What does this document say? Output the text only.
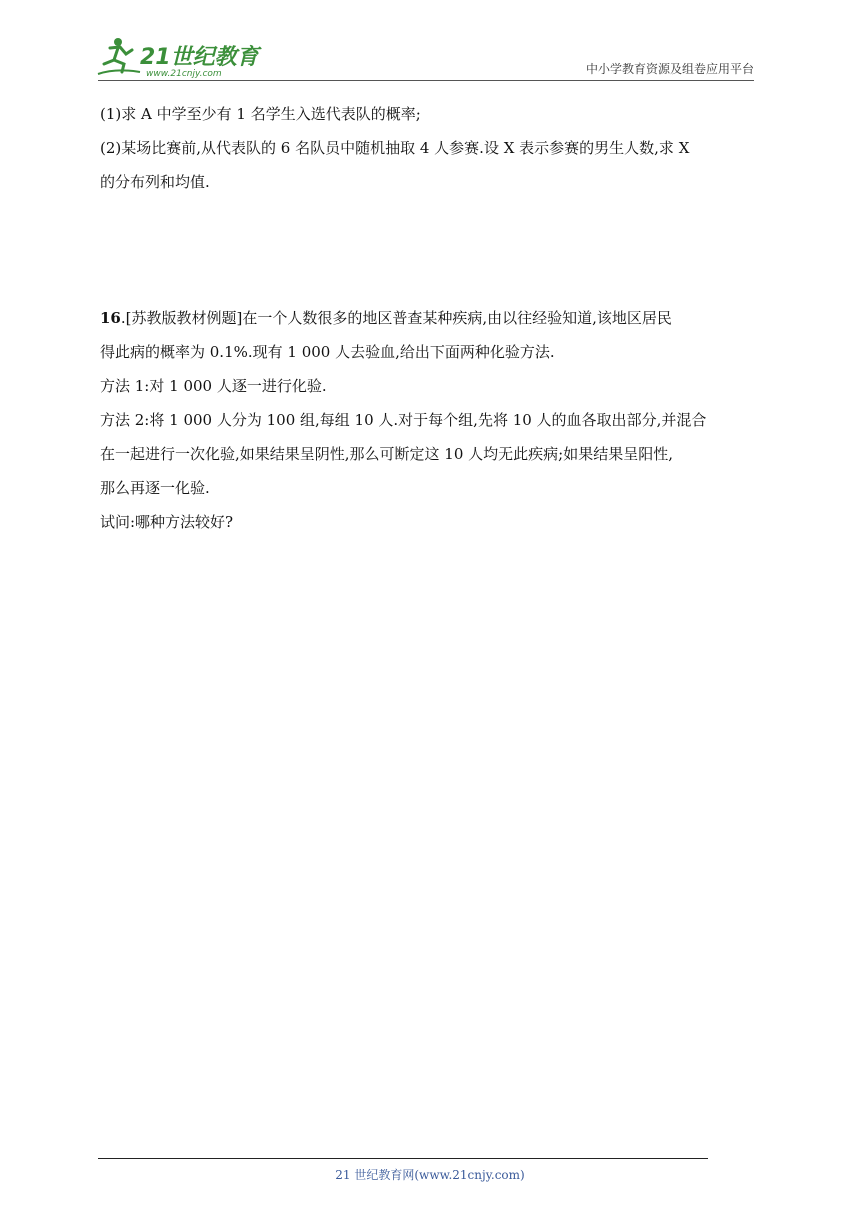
21世纪教育
www.21cnjy.com	中小学教育资源及组卷应用平台
(1)求 A 中学至少有 1 名学生入选代表队的概率;
(2)某场比赛前,从代表队的 6 名队员中随机抽取 4 人参赛.设 X 表示参赛的男生人数,求 X
的分布列和均值.
16.[苏教版教材例题]在一个人数很多的地区普查某种疾病,由以往经验知道,该地区居民
得此病的概率为 0.1%.现有 1 000 人去验血,给出下面两种化验方法.
方法 1:对 1 000 人逐一进行化验.
方法 2:将 1 000 人分为 100 组,每组 10 人.对于每个组,先将 10 人的血各取出部分,并混合
在一起进行一次化验,如果结果呈阴性,那么可断定这 10 人均无此疾病;如果结果呈阳性,
那么再逐一化验.
试问:哪种方法较好?
21 世纪教育网(www.21cnjy.com)
